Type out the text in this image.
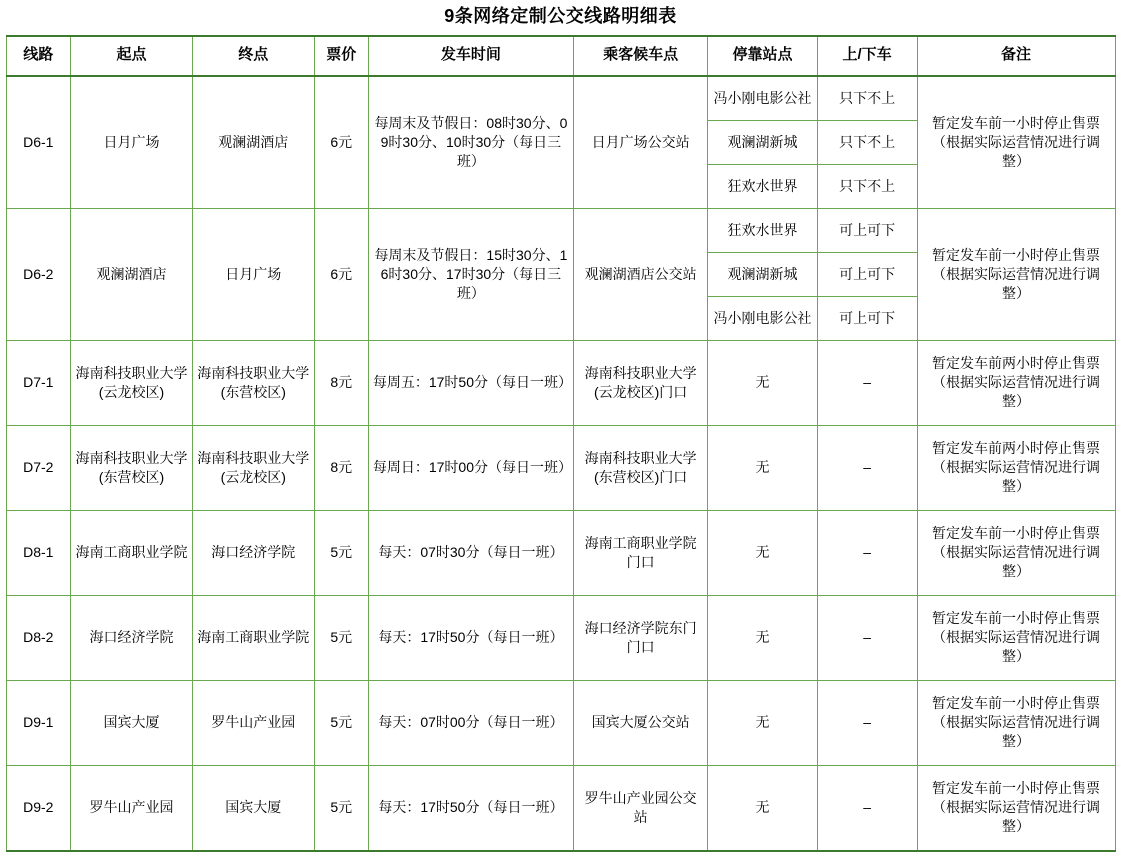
9条网络定制公交线路明细表
线路	起点	终点	票价	发车时间	乘客候车点	停靠站点	上/下车	备注
D6-1	日月广场	观澜湖酒店	6元	每周末及节假日：08时30分、09时30分、10时30分（每日三班）	日月广场公交站	冯小刚电影公社	只下不上	暂定发车前一小时停止售票（根据实际运营情况进行调整）
						观澜湖新城	只下不上	
						狂欢水世界	只下不上	
D6-2	观澜湖酒店	日月广场	6元	每周末及节假日：15时30分、16时30分、17时30分（每日三班）	观澜湖酒店公交站	狂欢水世界	可上可下	暂定发车前一小时停止售票（根据实际运营情况进行调整）
						观澜湖新城	可上可下	
						冯小刚电影公社	可上可下	
D7-1	海南科技职业大学(云龙校区)	海南科技职业大学(东营校区)	8元	每周五：17时50分（每日一班）	海南科技职业大学(云龙校区)门口	无	–	暂定发车前两小时停止售票（根据实际运营情况进行调整）
D7-2	海南科技职业大学(东营校区)	海南科技职业大学(云龙校区)	8元	每周日：17时00分（每日一班）	海南科技职业大学(东营校区)门口	无	–	暂定发车前两小时停止售票（根据实际运营情况进行调整）
D8-1	海南工商职业学院	海口经济学院	5元	每天：07时30分（每日一班）	海南工商职业学院门口	无	–	暂定发车前一小时停止售票（根据实际运营情况进行调整）
D8-2	海口经济学院	海南工商职业学院	5元	每天：17时50分（每日一班）	海口经济学院东门门口	无	–	暂定发车前一小时停止售票（根据实际运营情况进行调整）
D9-1	国宾大厦	罗牛山产业园	5元	每天：07时00分（每日一班）	国宾大厦公交站	无	–	暂定发车前一小时停止售票（根据实际运营情况进行调整）
D9-2	罗牛山产业园	国宾大厦	5元	每天：17时50分（每日一班）	罗牛山产业园公交站	无	–	暂定发车前一小时停止售票（根据实际运营情况进行调整）
